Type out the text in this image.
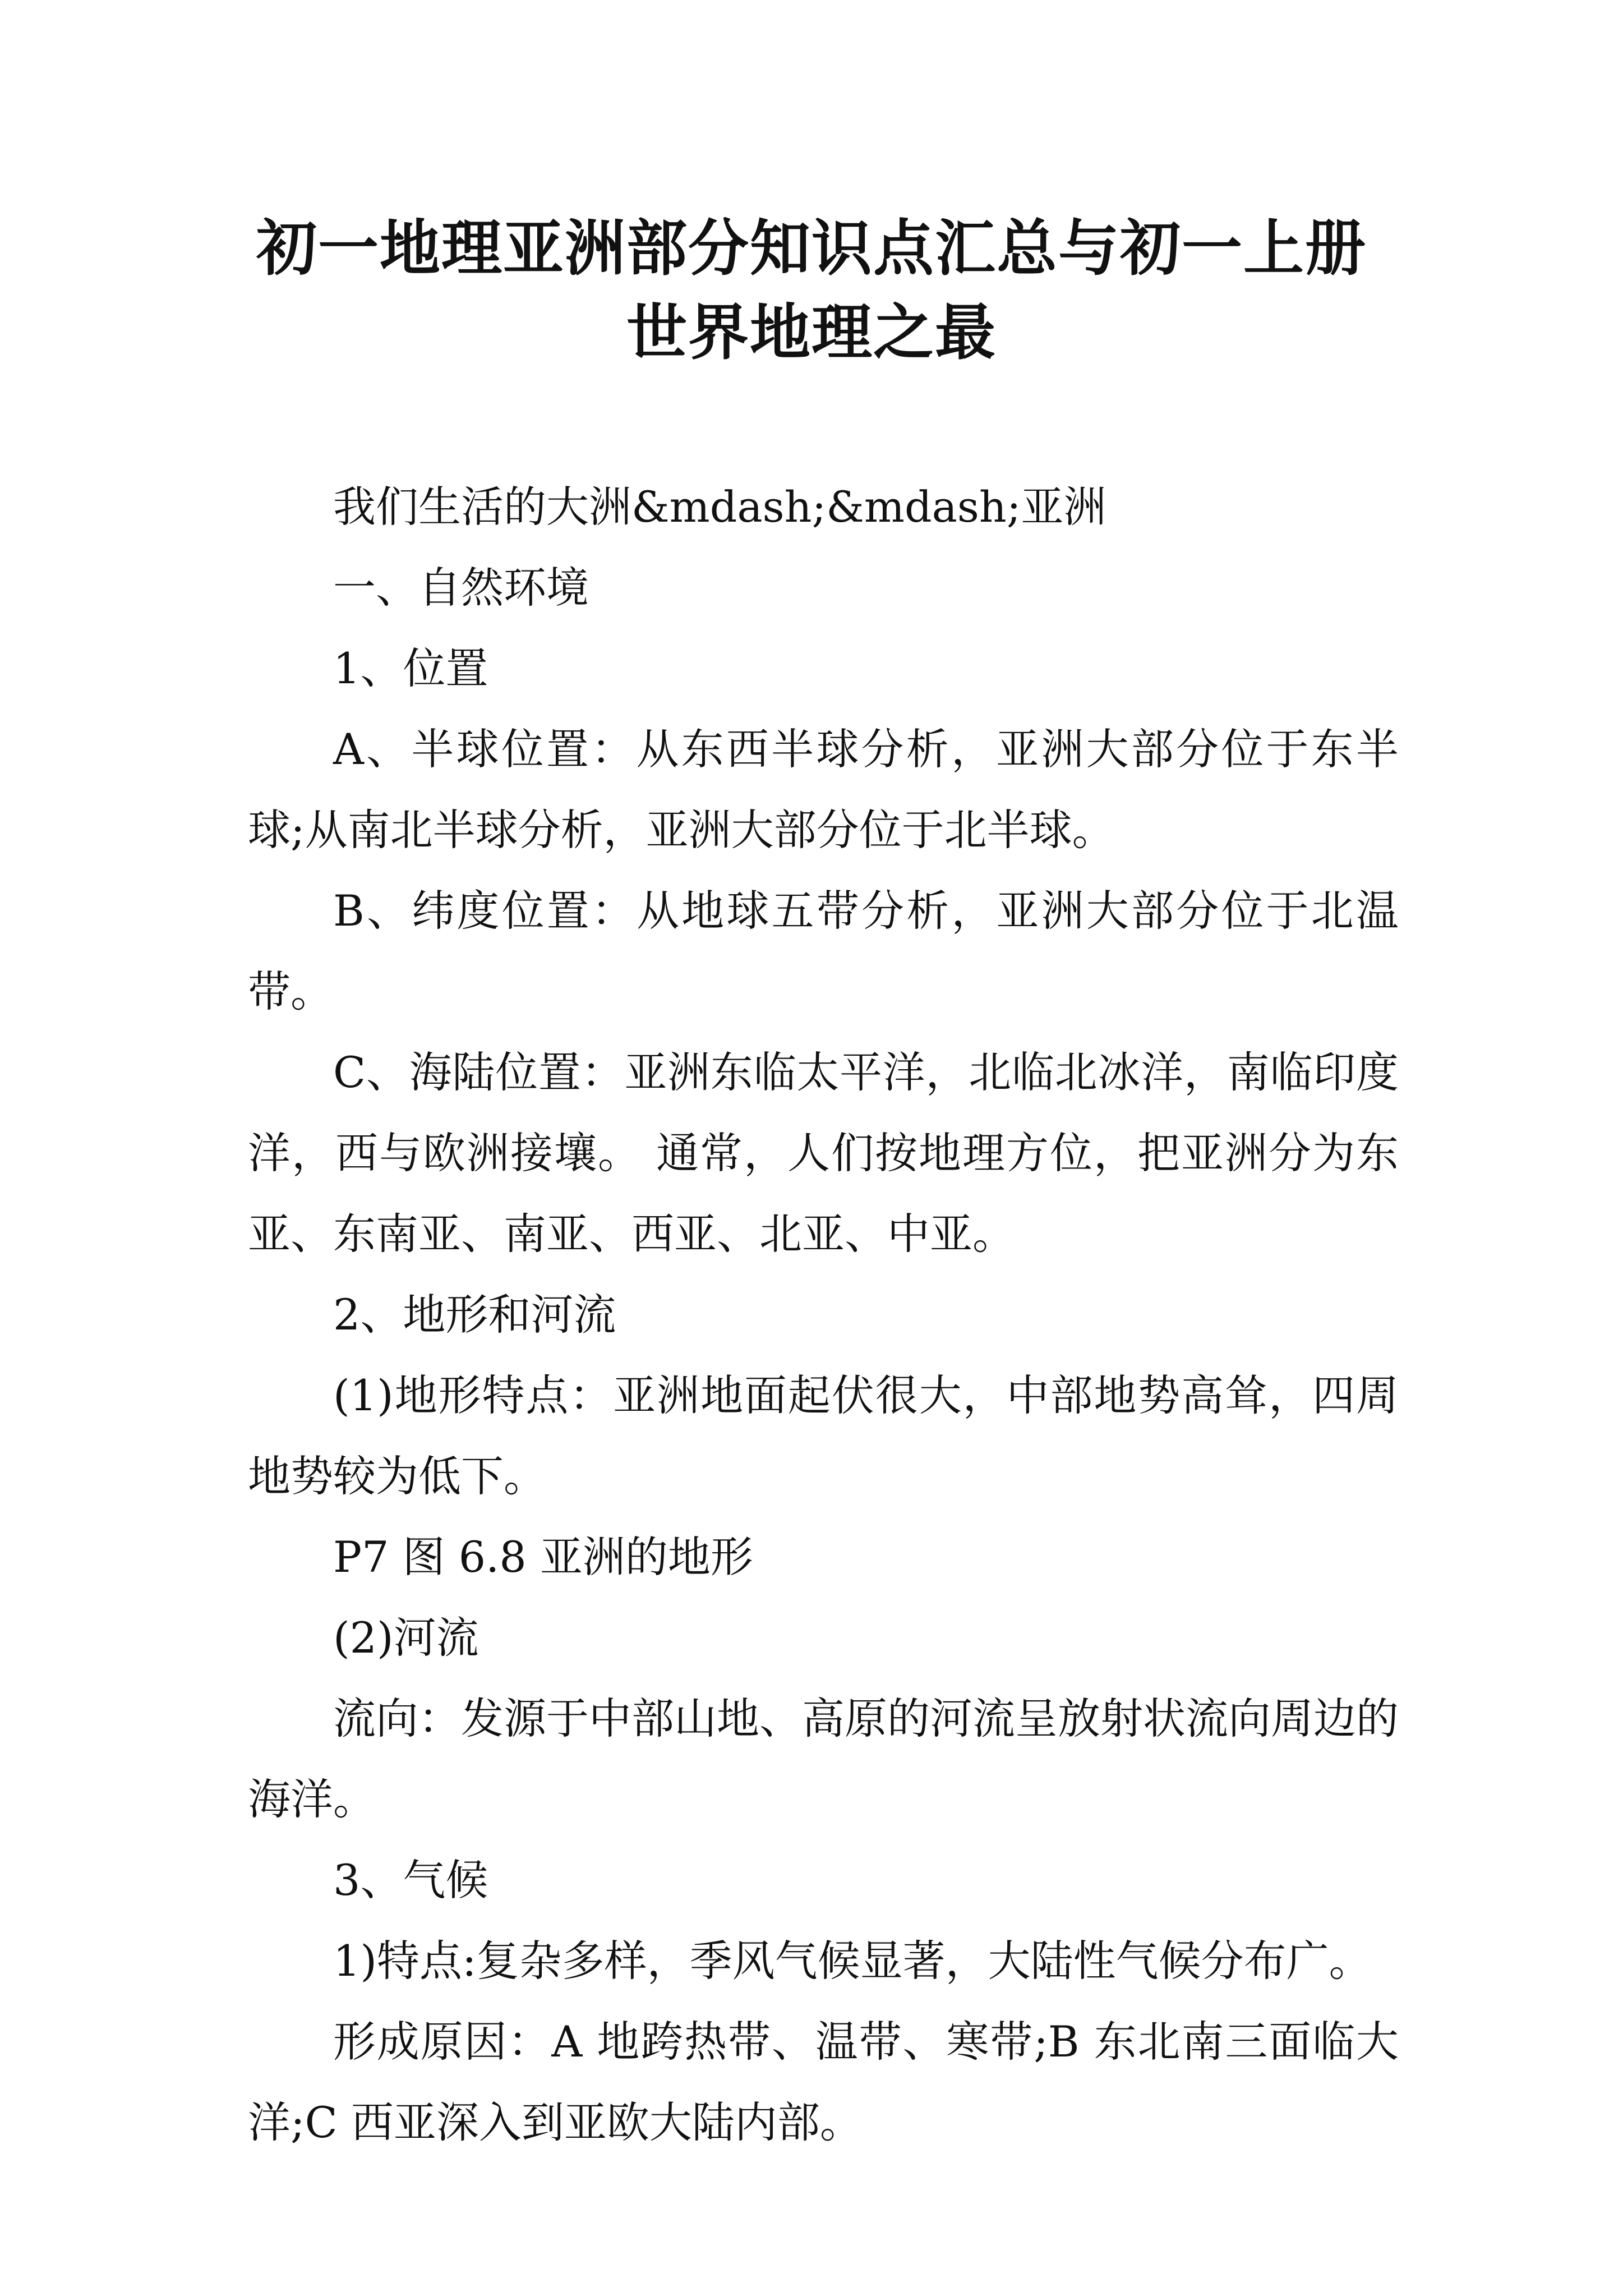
初一地理亚洲部分知识点汇总与初一上册
世界地理之最

我们生活的大洲&mdash;&mdash;亚洲

一、自然环境

1、位置

A、半球位置：从东西半球分析，亚洲大部分位于东半球;从南北半球分析，亚洲大部分位于北半球。

B、纬度位置：从地球五带分析，亚洲大部分位于北温带。

C、海陆位置：亚洲东临太平洋，北临北冰洋，南临印度洋，西与欧洲接壤。 通常，人们按地理方位，把亚洲分为东亚、东南亚、南亚、西亚、北亚、中亚。

2、地形和河流

(1)地形特点：亚洲地面起伏很大，中部地势高耸，四周地势较为低下。

P7 图 6.8 亚洲的地形

(2)河流

流向：发源于中部山地、高原的河流呈放射状流向周边的海洋。

3、气候

1)特点:复杂多样，季风气候显著，大陆性气候分布广。

形成原因：A 地跨热带、温带、寒带;B 东北南三面临大洋;C 西亚深入到亚欧大陆内部。
